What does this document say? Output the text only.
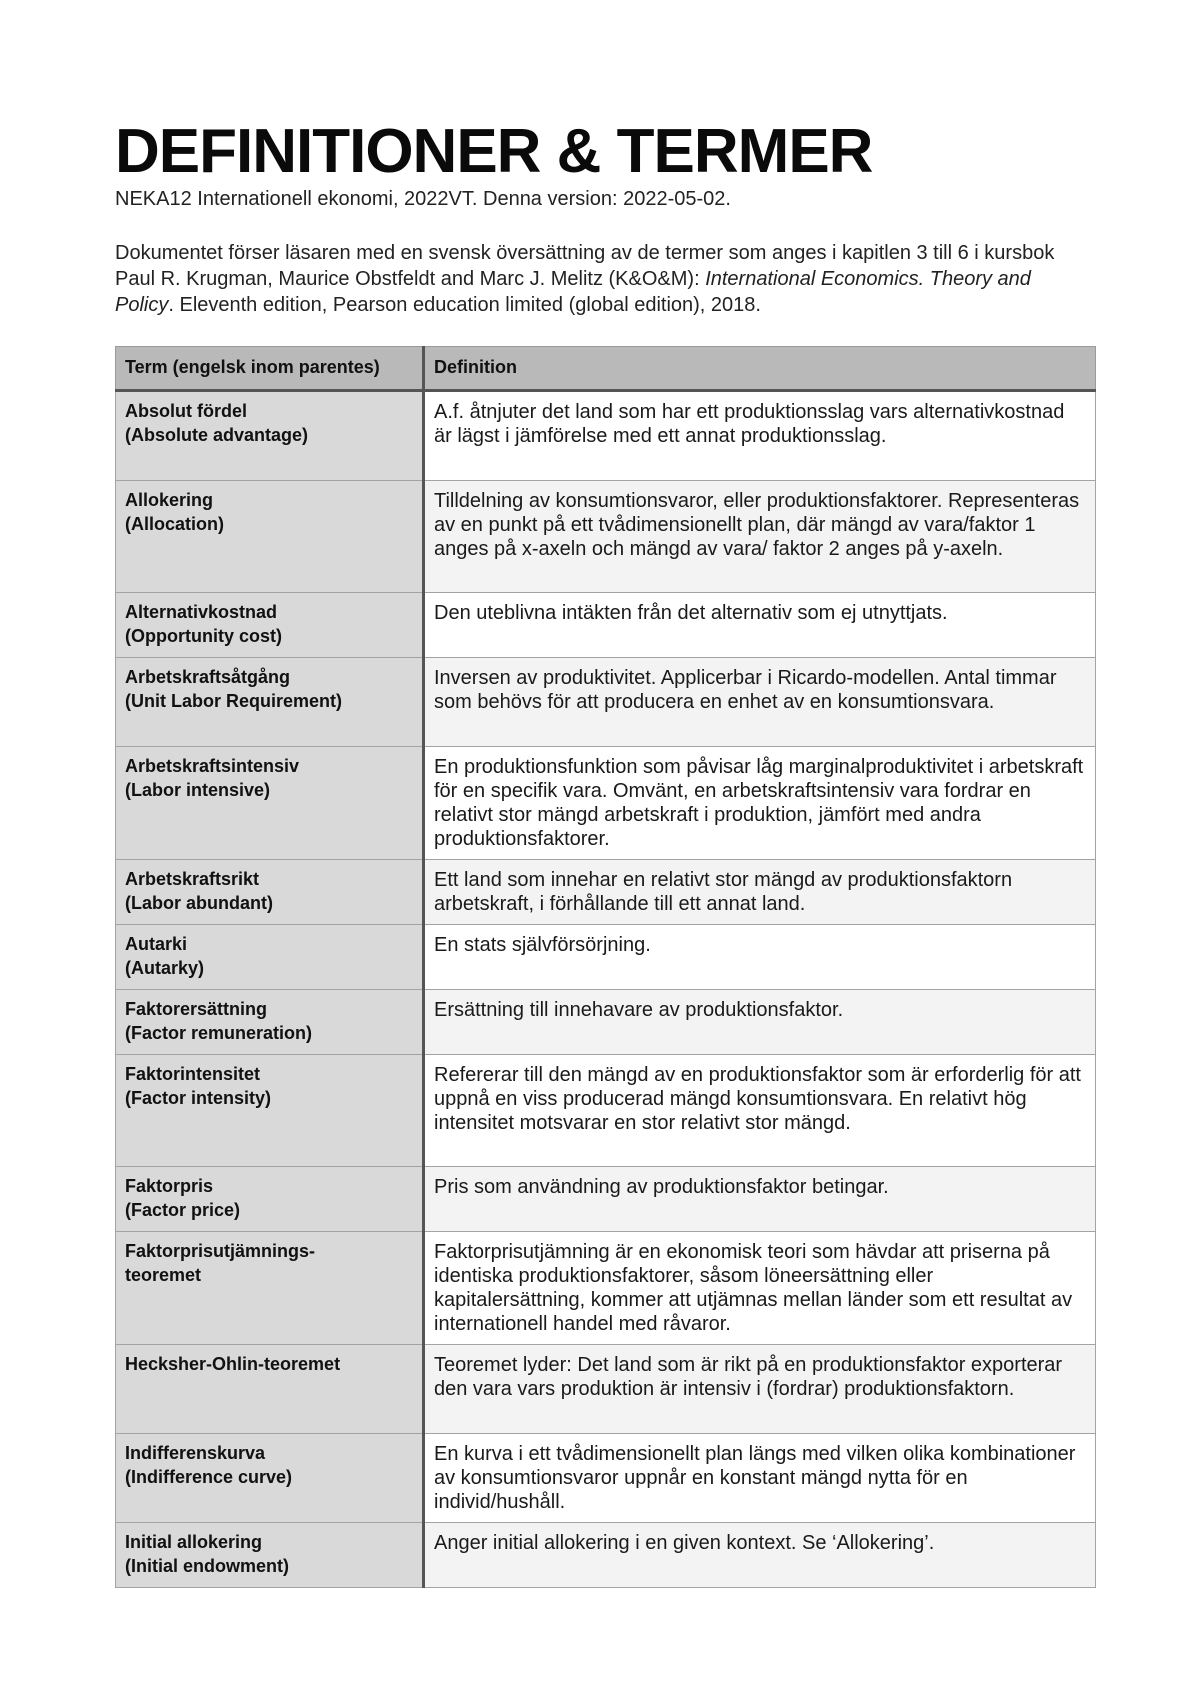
DEFINITIONER & TERMER

NEKA12 Internationell ekonomi, 2022VT. Denna version: 2022-05-02.

Dokumentet förser läsaren med en svensk översättning av de termer som anges i kapitlen 3 till 6 i kursbok Paul R. Krugman, Maurice Obstfeldt and Marc J. Melitz (K&O&M): International Economics. Theory and Policy. Eleventh edition, Pearson education limited (global edition), 2018.

Term (engelsk inom parentes)	Definition

Absolut fördel
(Absolute advantage)	A.f. åtnjuter det land som har ett produktionsslag vars alternativkostnad är lägst i jämförelse med ett annat produktionsslag.

Allokering
(Allocation)	Tilldelning av konsumtionsvaror, eller produktionsfaktorer. Representeras av en punkt på ett tvådimensionellt plan, där mängd av vara/faktor 1 anges på x-axeln och mängd av vara/ faktor 2 anges på y-axeln.

Alternativkostnad
(Opportunity cost)	Den uteblivna intäkten från det alternativ som ej utnyttjats.

Arbetskraftsåtgång
(Unit Labor Requirement)	Inversen av produktivitet. Applicerbar i Ricardo-modellen. Antal timmar som behövs för att producera en enhet av en konsumtionsvara.

Arbetskraftsintensiv
(Labor intensive)	En produktionsfunktion som påvisar låg marginalproduktivitet i arbetskraft för en specifik vara. Omvänt, en arbetskraftsintensiv vara fordrar en relativt stor mängd arbetskraft i produktion, jämfört med andra produktionsfaktorer.

Arbetskraftsrikt
(Labor abundant)	Ett land som innehar en relativt stor mängd av produktionsfaktorn arbetskraft, i förhållande till ett annat land.

Autarki
(Autarky)	En stats självförsörjning.

Faktorersättning
(Factor remuneration)	Ersättning till innehavare av produktionsfaktor.

Faktorintensitet
(Factor intensity)	Refererar till den mängd av en produktionsfaktor som är erforderlig för att uppnå en viss producerad mängd konsumtionsvara. En relativt hög intensitet motsvarar en stor relativt stor mängd.

Faktorpris
(Factor price)	Pris som användning av produktionsfaktor betingar.

Faktorprisutjämnings-
teoremet	Faktorprisutjämning är en ekonomisk teori som hävdar att priserna på identiska produktionsfaktorer, såsom löneersättning eller kapitalersättning, kommer att utjämnas mellan länder som ett resultat av internationell handel med råvaror.

Hecksher-Ohlin-teoremet	Teoremet lyder: Det land som är rikt på en produktionsfaktor exporterar den vara vars produktion är intensiv i (fordrar) produktionsfaktorn.

Indifferenskurva
(Indifference curve)	En kurva i ett tvådimensionellt plan längs med vilken olika kombinationer av konsumtionsvaror uppnår en konstant mängd nytta för en individ/hushåll.

Initial allokering
(Initial endowment)	Anger initial allokering i en given kontext. Se ‘Allokering’.
